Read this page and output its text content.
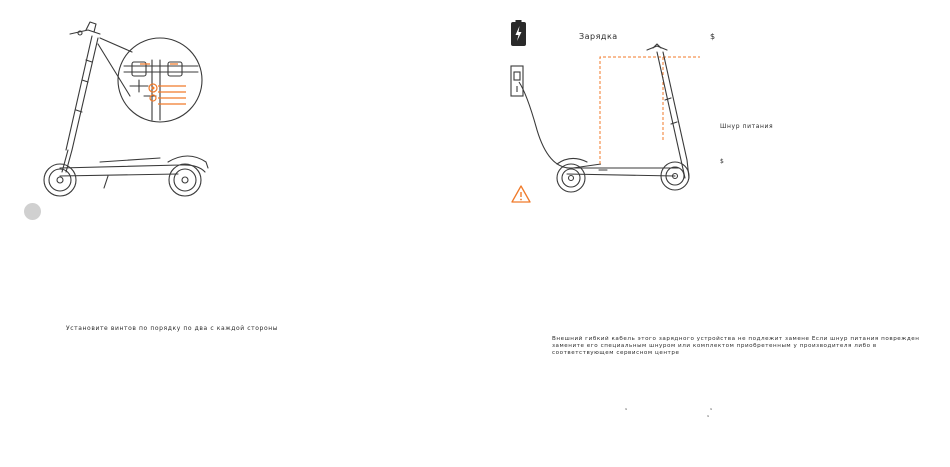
Установите винтов по порядку по два с каждой стороны
Зарядка	$
Шнур питания
$
Внешний гибкий кабель этого зарядного устройства не подлежит замене Если шнур питания поврежден
замените его специальным шнуром или комплектом приобретенным у производителя либо в
соответствующем сервисном центре
¹	¹
¹
